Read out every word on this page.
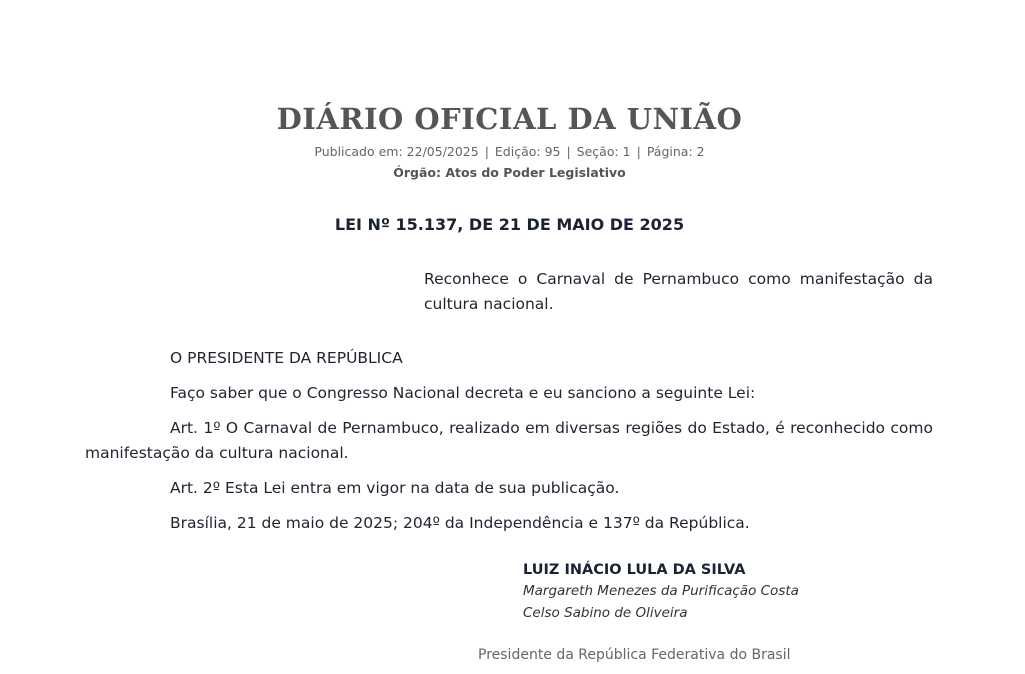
DIÁRIO OFICIAL DA UNIÃO
Publicado em: 22/05/2025 | Edição: 95 | Seção: 1 | Página: 2
Órgão: Atos do Poder Legislativo
LEI Nº 15.137, DE 21 DE MAIO DE 2025
Reconhece o Carnaval de Pernambuco como manifestação da cultura nacional.

O PRESIDENTE DA REPÚBLICA

Faço saber que o Congresso Nacional decreta e eu sanciono a seguinte Lei:

Art. 1º O Carnaval de Pernambuco, realizado em diversas regiões do Estado, é reconhecido como manifestação da cultura nacional.

Art. 2º Esta Lei entra em vigor na data de sua publicação.

Brasília, 21 de maio de 2025; 204º da Independência e 137º da República.

LUIZ INÁCIO LULA DA SILVA
Margareth Menezes da Purificação Costa
Celso Sabino de Oliveira
Presidente da República Federativa do Brasil
